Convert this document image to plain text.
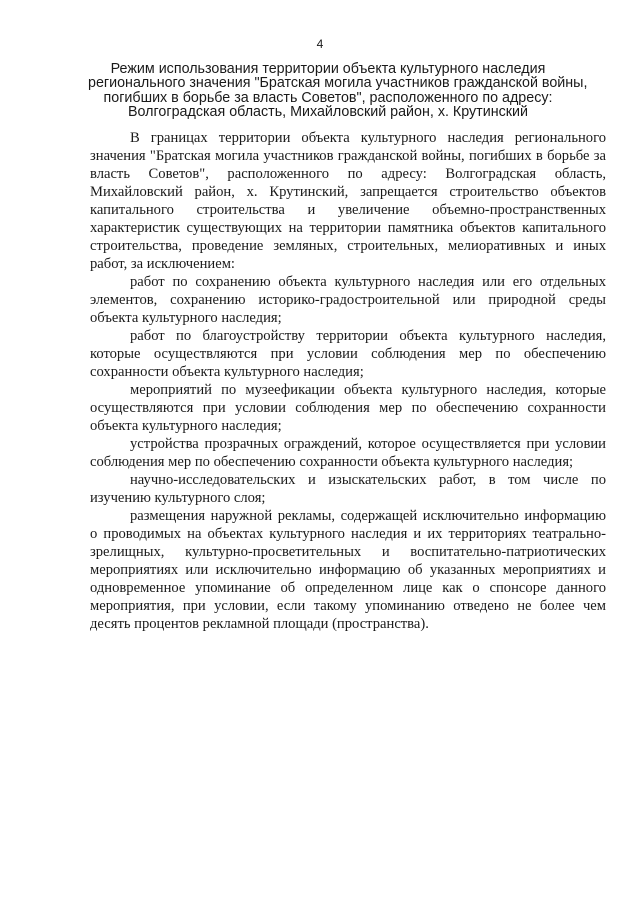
4
Режим использования территории объекта культурного наследия
регионального значения "Братская могила участников гражданской войны,
погибших в борьбе за власть Советов", расположенного по адресу:
Волгоградская область, Михайловский район, х. Крутинский

В границах территории объекта культурного наследия регионального значения "Братская могила участников гражданской войны, погибших в борьбе за власть Советов", расположенного по адресу: Волгоградская область, Михайловский район, х. Крутинский, запрещается строительство объектов капитального строительства и увеличение объемно-пространственных характеристик существующих на территории памятника объектов капитального строительства, проведение земляных, строительных, мелиоративных и иных работ, за исключением:

работ по сохранению объекта культурного наследия или его отдельных элементов, сохранению историко-градостроительной или природной среды объекта культурного наследия;

работ по благоустройству территории объекта культурного наследия, которые осуществляются при условии соблюдения мер по обеспечению сохранности объекта культурного наследия;

мероприятий по музеефикации объекта культурного наследия, которые осуществляются при условии соблюдения мер по обеспечению сохранности объекта культурного наследия;

устройства прозрачных ограждений, которое осуществляется при условии соблюдения мер по обеспечению сохранности объекта культурного наследия;

научно-исследовательских и изыскательских работ, в том числе по изучению культурного слоя;

размещения наружной рекламы, содержащей исключительно информацию о проводимых на объектах культурного наследия и их территориях театрально-зрелищных, культурно-просветительных и воспитательно-патриотических мероприятиях или исключительно информацию об указанных мероприятиях и одновременное упоминание об определенном лице как о спонсоре данного мероприятия, при условии, если такому упоминанию отведено не более чем десять процентов рекламной площади (пространства).
